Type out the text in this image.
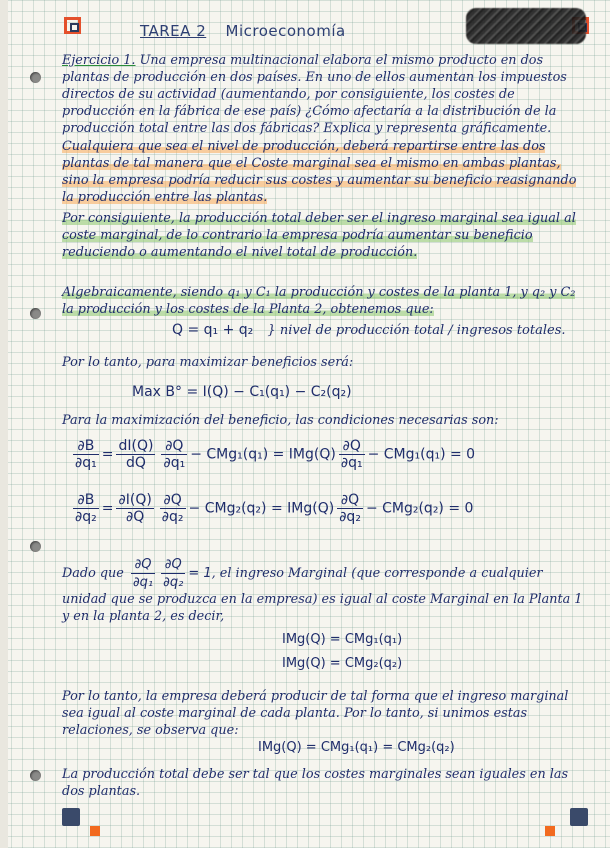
TAREA 2 Microeconomía

Ejercicio 1. Una empresa multinacional elabora el mismo producto en dos plantas de producción en dos países. En uno de ellos aumentan los impuestos directos de su actividad (aumentando, por consiguiente, los costes de producción en la fábrica de ese país) ¿Cómo afectaría a la distribución de la producción total entre las dos fábricas? Explica y representa gráficamente.

Cualquiera que sea el nivel de producción, deberá repartirse entre las dos plantas de tal manera que el Coste marginal sea el mismo en ambas plantas, sino la empresa podría reducir sus costes y aumentar su beneficio reasignando la producción entre las plantas.

Por consiguiente, la producción total deber ser el ingreso marginal sea igual al coste marginal, de lo contrario la empresa podría aumentar su beneficio reduciendo o aumentando el nivel total de producción.

Algebraicamente, siendo q₁ y C₁ la producción y costes de la planta 1, y q₂ y C₂ la producción y los costes de la Planta 2, obtenemos que:

Q = q₁ + q₂ } nivel de producción total / ingresos totales.

Por lo tanto, para maximizar beneficios será:

Max B° = I(Q) − C₁(q₁) − C₂(q₂)

Para la maximización del beneficio, las condiciones necesarias son:

$\frac{\partial B}{\text{∂q₁}} = \frac{dI(Q)}{dQ} \frac{\partial Q}{\text{∂q₁}} - CMg_1(q_1) = IMg(Q) \frac{\partial Q}{\text{∂q₁}} - CMg_1(q_1) = 0$
$\frac{\partial B}{\text{∂q₂}} = \frac{\partial I(Q)}{\partial Q} \frac{\partial Q}{\text{∂q₂}} - CMg_2(q_2) = IMg(Q) \frac{\partial Q}{\text{∂q₂}} - CMg_2(q_2) = 0$

Dado que $\frac{\partial Q}{\text{∂q₁}} \frac{\partial Q}{\text{∂q₂}} = 1$, el ingreso Marginal (que corresponde a cualquier unidad que se produzca en la empresa) es igual al coste Marginal en la Planta 1 y en la planta 2, es decir,

IMg(Q) = CMg₁(q₁)
IMg(Q) = CMg₂(q₂)

Por lo tanto, la empresa deberá producir de tal forma que el ingreso marginal sea igual al coste marginal de cada planta. Por lo tanto, si unimos estas relaciones, se observa que:

IMg(Q) = CMg₁(q₁) = CMg₂(q₂)

La producción total debe ser tal que los costes marginales sean iguales en las dos plantas.
